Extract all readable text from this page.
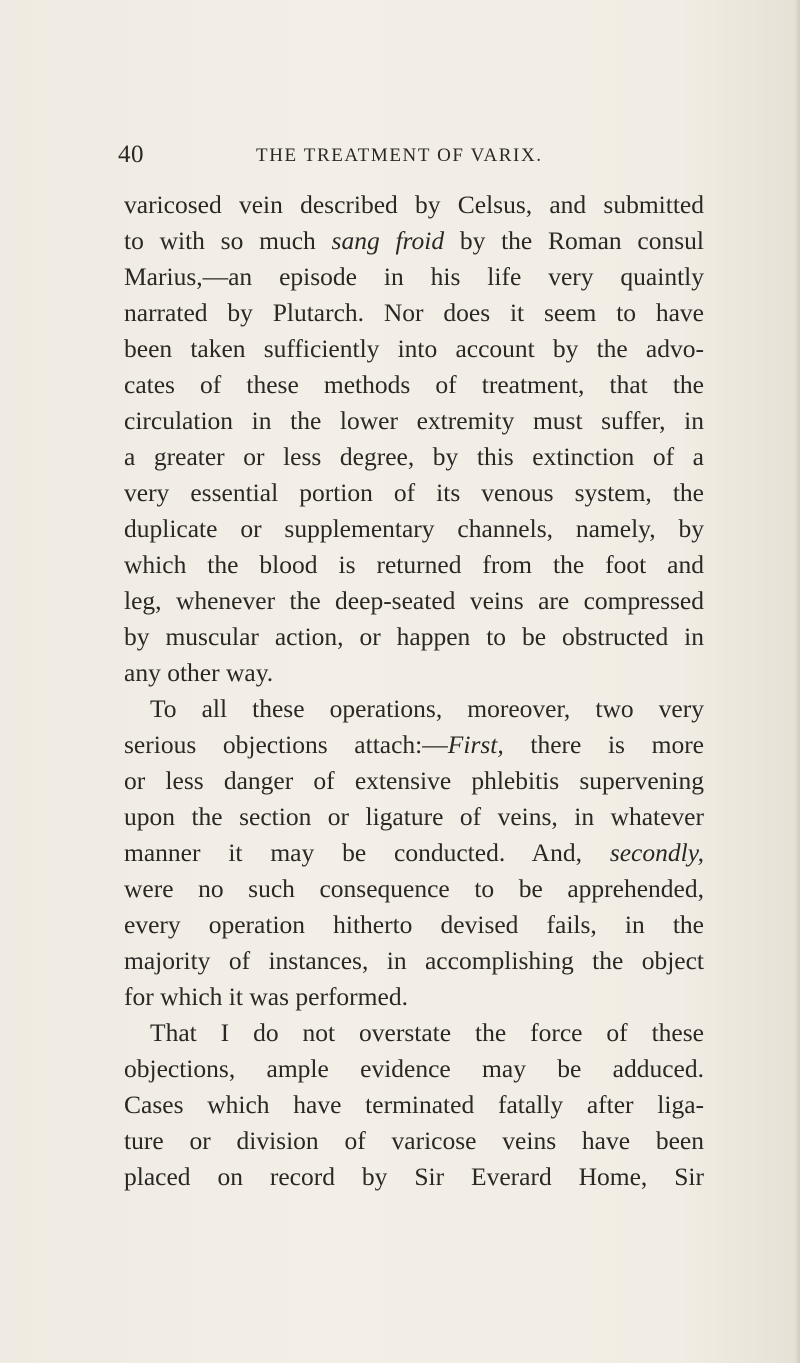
40	THE TREATMENT OF VARIX.
varicosed vein described by Celsus, and submitted
to with so much sang froid by the Roman consul
Marius,—an episode in his life very quaintly
narrated by Plutarch. Nor does it seem to have
been taken sufficiently into account by the advo-
cates of these methods of treatment, that the
circulation in the lower extremity must suffer, in
a greater or less degree, by this extinction of a
very essential portion of its venous system, the
duplicate or supplementary channels, namely, by
which the blood is returned from the foot and
leg, whenever the deep-seated veins are compressed
by muscular action, or happen to be obstructed in
any other way.
To all these operations, moreover, two very
serious objections attach:—First, there is more
or less danger of extensive phlebitis supervening
upon the section or ligature of veins, in whatever
manner it may be conducted. And, secondly,
were no such consequence to be apprehended,
every operation hitherto devised fails, in the
majority of instances, in accomplishing the object
for which it was performed.
That I do not overstate the force of these
objections, ample evidence may be adduced.
Cases which have terminated fatally after liga-
ture or division of varicose veins have been
placed on record by Sir Everard Home, Sir
